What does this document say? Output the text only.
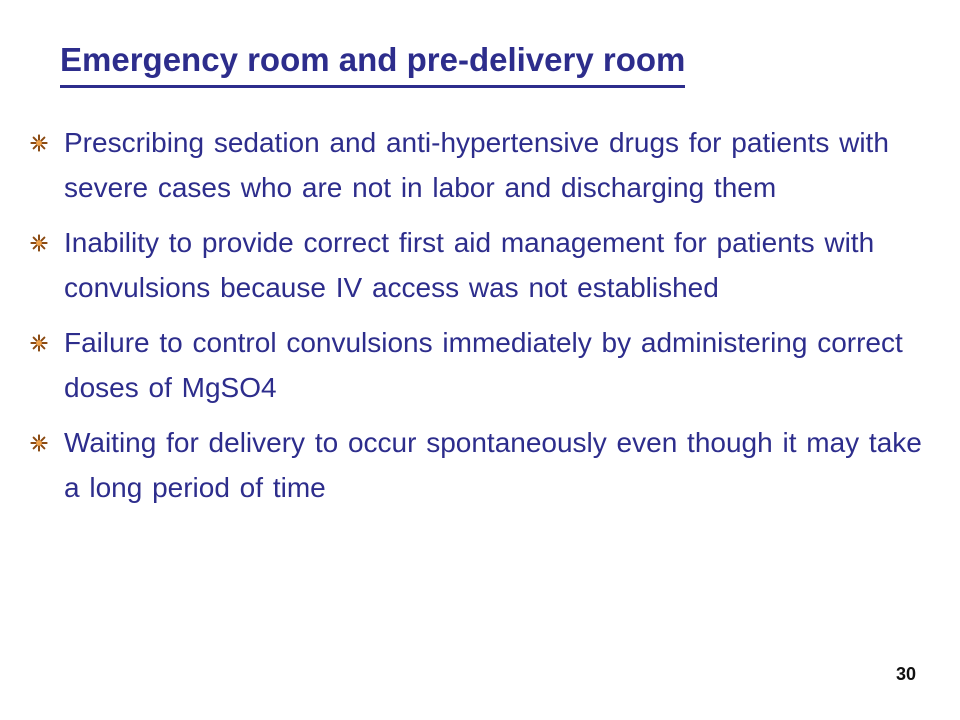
Emergency room and pre-delivery room
Prescribing sedation and anti-hypertensive drugs for patients with severe cases who are not in labor and discharging them
Inability to provide correct first aid management for patients with convulsions because IV access was not established
Failure to control convulsions immediately by administering correct doses of MgSO4
Waiting for delivery to occur spontaneously even though it may take a long period of time
30
